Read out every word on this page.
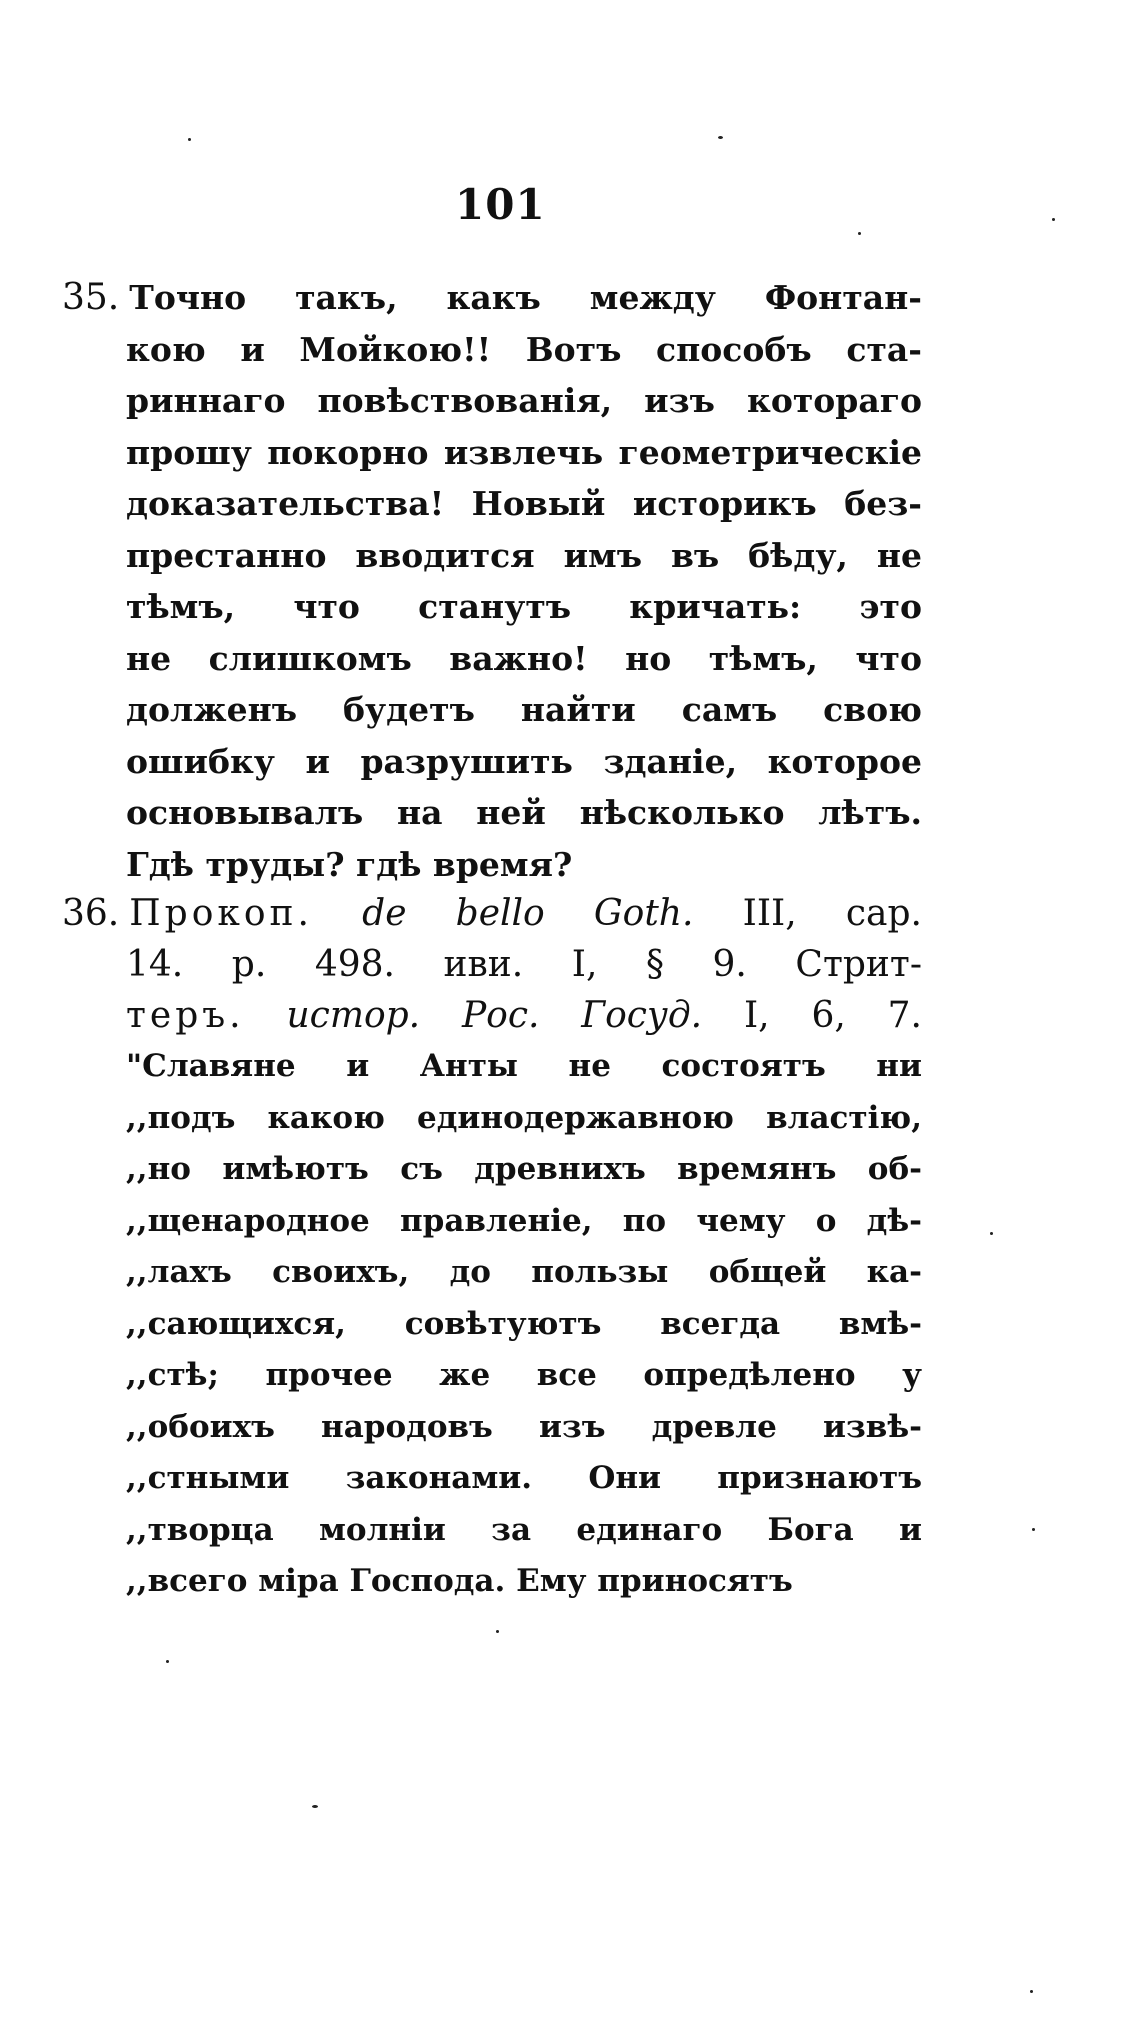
101
35. Точно такъ, какъ между Фонтан-
кою и Мойкою!! Вотъ способъ ста-
риннаго повѣствованія, изъ котораго
прошу покорно извлечь геометрическіе
доказательства! Новый историкъ без-
престанно вводится имъ въ бѣду, не
тѣмъ, что станутъ кричать: это
не слишкомъ важно! но тѣмъ, что
долженъ будетъ найти самъ свою
ошибку и разрушить зданіе, которое
основывалъ на ней нѣсколько лѣтъ.
Гдѣ труды? гдѣ время?
36. Прокоп. de bello Goth. III, cap.
14. p. 498. иви. I, § 9. Стрит-
теръ. истор. Рос. Госуд. I, 6, 7.
"Славяне и Анты не состоятъ ни
,,подъ какою единодержавною властію,
,,но имѣютъ съ древнихъ времянъ об-
,,щенародное правленіе, по чему о дѣ-
,,лахъ своихъ, до пользы общей ка-
,,сающихся, совѣтуютъ всегда вмѣ-
,,стѣ; прочее же все опредѣлено у
,,обоихъ народовъ изъ древле извѣ-
,,стными законами. Они признаютъ
,,творца молніи за единаго Бога и
,,всего міра Господа. Ему приносятъ
